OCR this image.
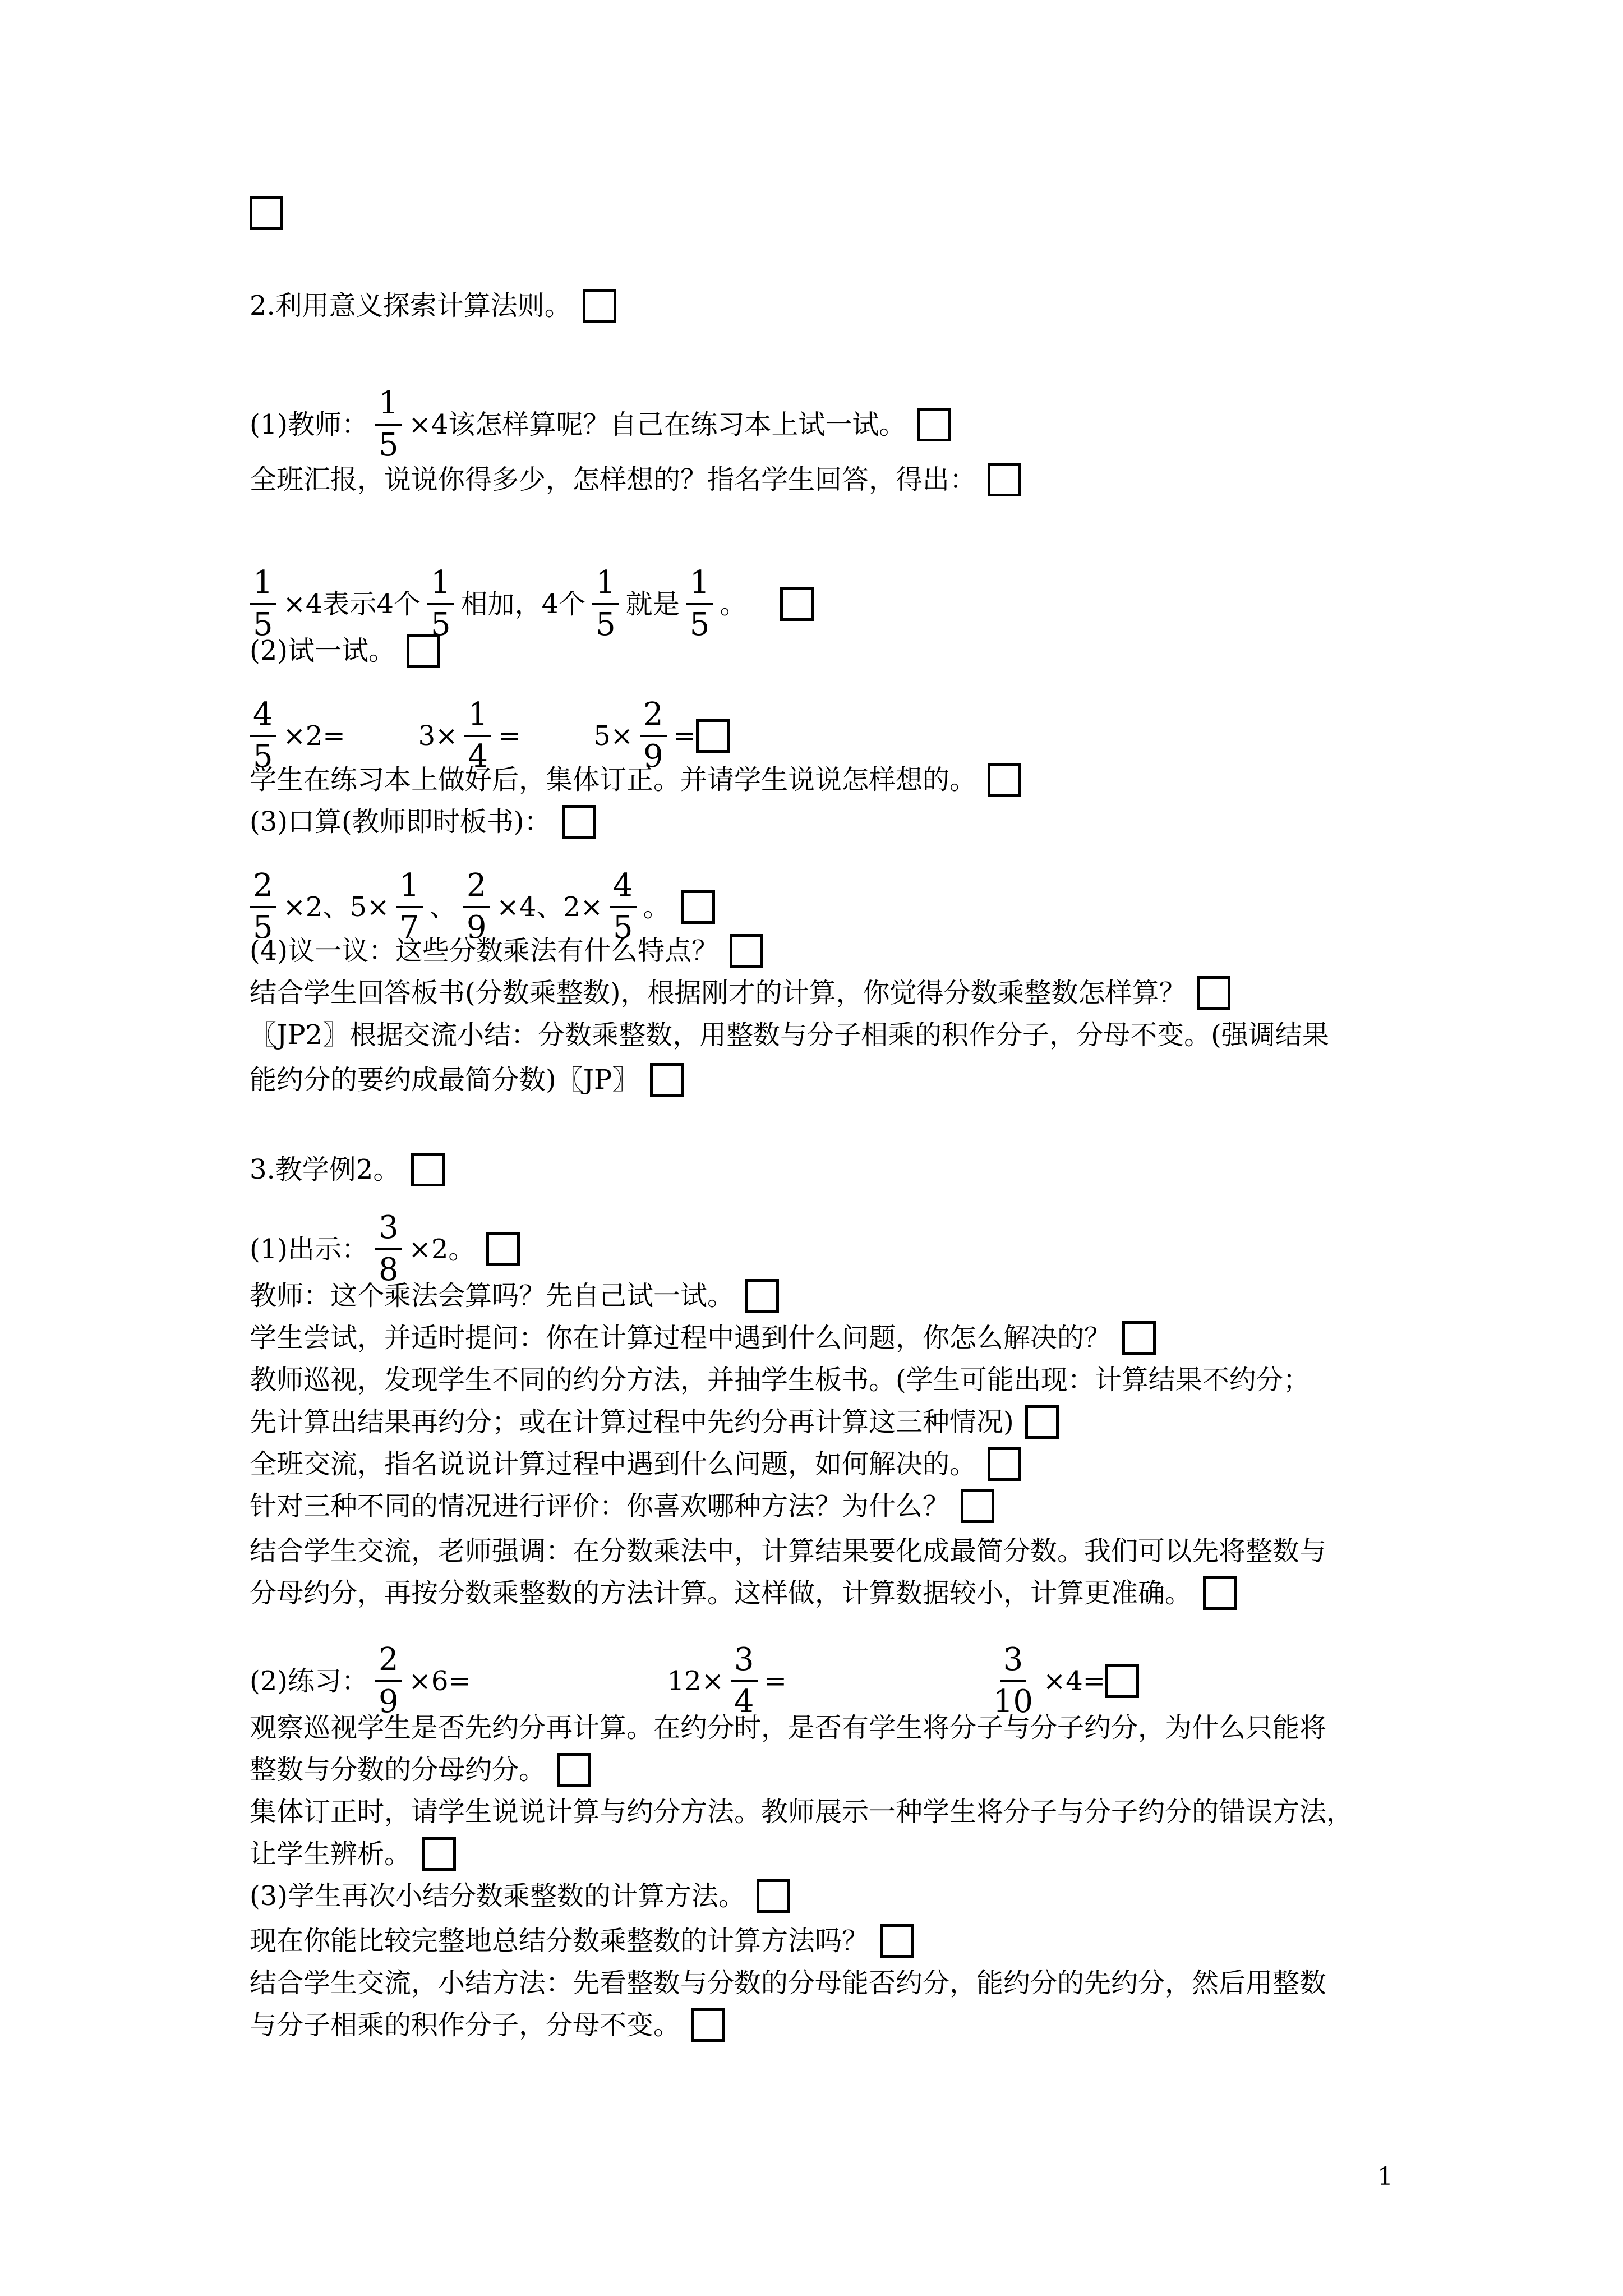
2.利用意义探索计算法则。
(1)教师： $\frac{1}{5} \times 4$该怎样算呢？自己在练习本上试一试。
全班汇报，说说你得多少，怎样想的？指名学生回答，得出：
$\frac{1}{5} \times 4$表示4个 $\frac{1}{5}$ 相加，4个 $\frac{1}{5}$ 就是 $\frac{1}{5}$ 。
(2)试一试。
$\frac{4}{5} \times 2=$	$3\times \frac{1}{4}$ =	$5\times \frac{2}{9}$ =
学生在练习本上做好后，集体订正。并请学生说说怎样想的。
(3)口算(教师即时板书)：
$\frac{2}{5} \times 2$、$5\times \frac{1}{7}$ 、 $\frac{2}{9} \times 4$、$2\times \frac{4}{5}$ 。
(4)议一议：这些分数乘法有什么特点？
结合学生回答板书(分数乘整数)，根据刚才的计算，你觉得分数乘整数怎样算？
〖JP2〗根据交流小结：分数乘整数，用整数与分子相乘的积作分子，分母不变。(强调结果
能约分的要约成最简分数)〖JP〗
3.教学例2。
(1)出示： $\frac{3}{8} \times 2$。
教师：这个乘法会算吗？先自己试一试。
学生尝试，并适时提问：你在计算过程中遇到什么问题，你怎么解决的？
教师巡视，发现学生不同的约分方法，并抽学生板书。(学生可能出现：计算结果不约分；
先计算出结果再约分；或在计算过程中先约分再计算这三种情况)
全班交流，指名说说计算过程中遇到什么问题，如何解决的。
针对三种不同的情况进行评价：你喜欢哪种方法？为什么？
结合学生交流，老师强调：在分数乘法中，计算结果要化成最简分数。我们可以先将整数与
分母约分，再按分数乘整数的方法计算。这样做，计算数据较小，计算更准确。
(2)练习： $\frac{2}{9} \times 6=$	$12\times \frac{3}{4}$ =	$\frac{3}{10} \times 4=$
观察巡视学生是否先约分再计算。在约分时，是否有学生将分子与分子约分，为什么只能将
整数与分数的分母约分。
集体订正时，请学生说说计算与约分方法。教师展示一种学生将分子与分子约分的错误方法，
让学生辨析。
(3)学生再次小结分数乘整数的计算方法。
现在你能比较完整地总结分数乘整数的计算方法吗？
结合学生交流，小结方法：先看整数与分数的分母能否约分，能约分的先约分，然后用整数
与分子相乘的积作分子，分母不变。
1
